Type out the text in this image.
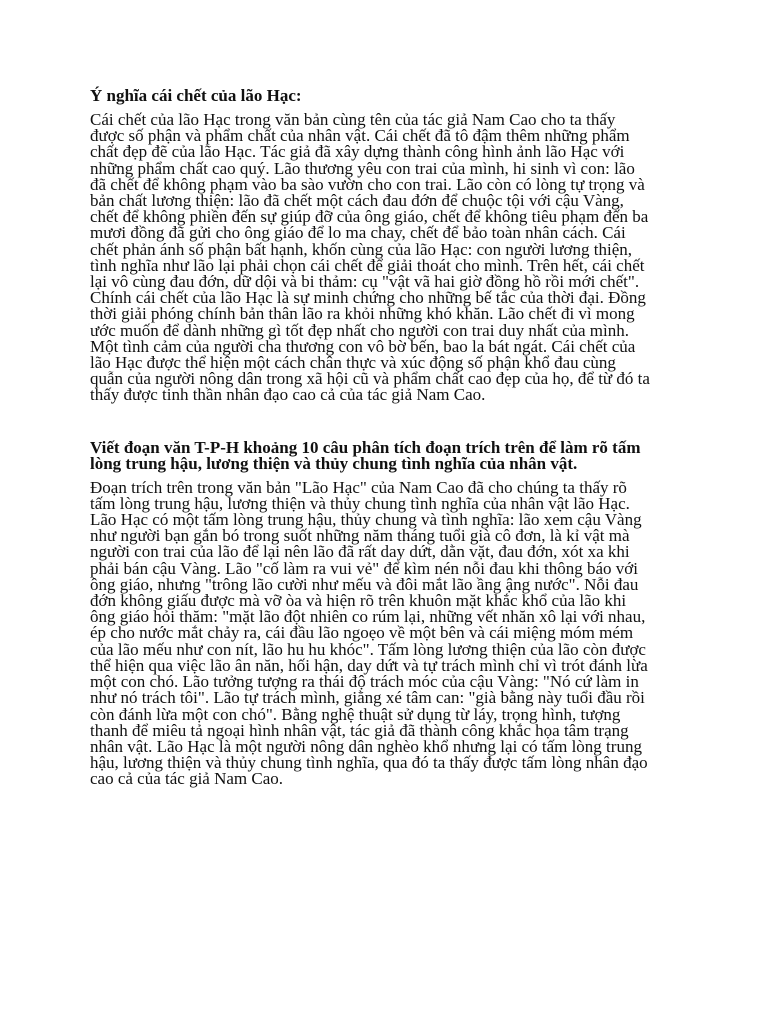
Ý nghĩa cái chết của lão Hạc:

Cái chết của lão Hạc trong văn bản cùng tên của tác giả Nam Cao cho ta thấy được số phận và phẩm chất của nhân vật. Cái chết đã tô đậm thêm những phẩm chất đẹp đẽ của lão Hạc. Tác giả đã xây dựng thành công hình ảnh lão Hạc với những phẩm chất cao quý. Lão thương yêu con trai của mình, hi sinh vì con: lão đã chết để không phạm vào ba sào vườn cho con trai. Lão còn có lòng tự trọng và bản chất lương thiện: lão đã chết một cách đau đớn để chuộc tội với cậu Vàng, chết để không phiền đến sự giúp đỡ của ông giáo, chết để không tiêu phạm đến ba mươi đồng đã gửi cho ông giáo để lo ma chay, chết để bảo toàn nhân cách. Cái chết phản ánh số phận bất hạnh, khốn cùng của lão Hạc: con người lương thiện, tình nghĩa như lão lại phải chọn cái chết để giải thoát cho mình. Trên hết, cái chết lại vô cùng đau đớn, dữ dội và bi thảm: cụ "vật vã hai giờ đồng hồ rồi mới chết". Chính cái chết của lão Hạc là sự minh chứng cho những bế tắc của thời đại. Đồng thời giải phóng chính bản thân lão ra khỏi những khó khăn. Lão chết đi vì mong ước muốn để dành những gì tốt đẹp nhất cho người con trai duy nhất của mình. Một tình cảm của người cha thương con vô bờ bến, bao la bát ngát. Cái chết của lão Hạc được thể hiện một cách chân thực và xúc động số phận khổ đau cùng quẫn của người nông dân trong xã hội cũ và phẩm chất cao đẹp của họ, để từ đó ta thấy được tinh thần nhân đạo cao cả của tác giả Nam Cao.

Viết đoạn văn T-P-H khoảng 10 câu phân tích đoạn trích trên để làm rõ tấm lòng trung hậu, lương thiện và thủy chung tình nghĩa của nhân vật.

Đoạn trích trên trong văn bản "Lão Hạc" của Nam Cao đã cho chúng ta thấy rõ tấm lòng trung hậu, lương thiện và thủy chung tình nghĩa của nhân vật lão Hạc. Lão Hạc có một tấm lòng trung hậu, thủy chung và tình nghĩa: lão xem cậu Vàng như người bạn gắn bó trong suốt những năm tháng tuổi già cô đơn, là kỉ vật mà người con trai của lão để lại nên lão đã rất day dứt, dằn vặt, đau đớn, xót xa khi phải bán cậu Vàng. Lão "cố làm ra vui vẻ" để kìm nén nỗi đau khi thông báo với ông giáo, nhưng "trông lão cười như mếu và đôi mắt lão ầng ậng nước". Nỗi đau đớn không giấu được mà vỡ òa và hiện rõ trên khuôn mặt khắc khổ của lão khi ông giáo hỏi thăm: "mặt lão đột nhiên co rúm lại, những vết nhăn xô lại với nhau, ép cho nước mắt chảy ra, cái đầu lão ngoẹo về một bên và cái miệng móm mém của lão mếu như con nít, lão hu hu khóc". Tấm lòng lương thiện của lão còn được thể hiện qua việc lão ân năn, hối hận, day dứt và tự trách mình chỉ vì trót đánh lừa một con chó. Lão tưởng tượng ra thái độ trách móc của cậu Vàng: "Nó cứ làm in như nó trách tôi". Lão tự trách mình, giằng xé tâm can: "già bằng này tuổi đầu rồi còn đánh lừa một con chó". Bằng nghệ thuật sử dụng từ láy, trọng hình, tượng thanh để miêu tả ngoại hình nhân vật, tác giả đã thành công khắc họa tâm trạng nhân vật. Lão Hạc là một người nông dân nghèo khổ nhưng lại có tấm lòng trung hậu, lương thiện và thủy chung tình nghĩa, qua đó ta thấy được tấm lòng nhân đạo cao cả của tác giả Nam Cao.
